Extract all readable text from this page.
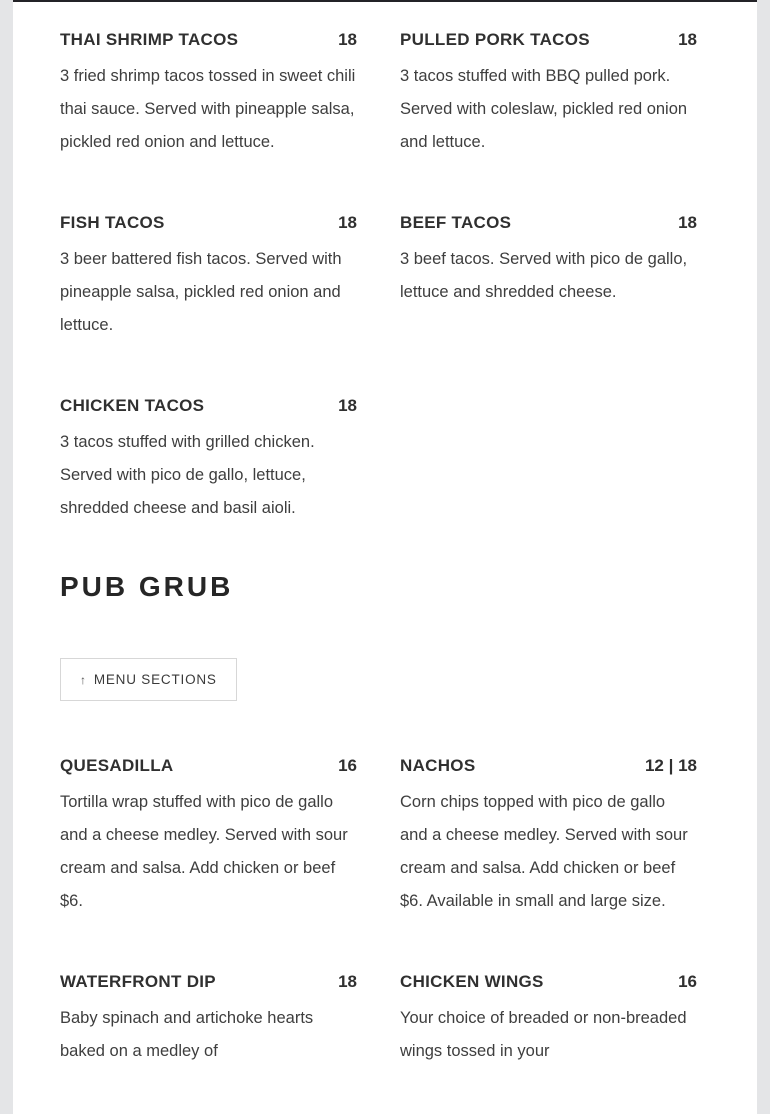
THAI SHRIMP TACOS	18

3 fried shrimp tacos tossed in sweet chili thai sauce. Served with pineapple salsa, pickled red onion and lettuce.

PULLED PORK TACOS	18

3 tacos stuffed with BBQ pulled pork. Served with coleslaw, pickled red onion and lettuce.

FISH TACOS	18

3 beer battered fish tacos. Served with pineapple salsa, pickled red onion and lettuce.

BEEF TACOS	18

3 beef tacos. Served with pico de gallo, lettuce and shredded cheese.

CHICKEN TACOS	18

3 tacos stuffed with grilled chicken. Served with pico de gallo, lettuce, shredded cheese and basil aioli.

PUB GRUB
↑ MENU SECTIONS
QUESADILLA	16

Tortilla wrap stuffed with pico de gallo and a cheese medley. Served with sour cream and salsa. Add chicken or beef $6.

NACHOS	12 | 18

Corn chips topped with pico de gallo and a cheese medley. Served with sour cream and salsa. Add chicken or beef $6. Available in small and large size.

WATERFRONT DIP	18

Baby spinach and artichoke hearts baked on a medley of

CHICKEN WINGS	16

Your choice of breaded or non-breaded wings tossed in your
